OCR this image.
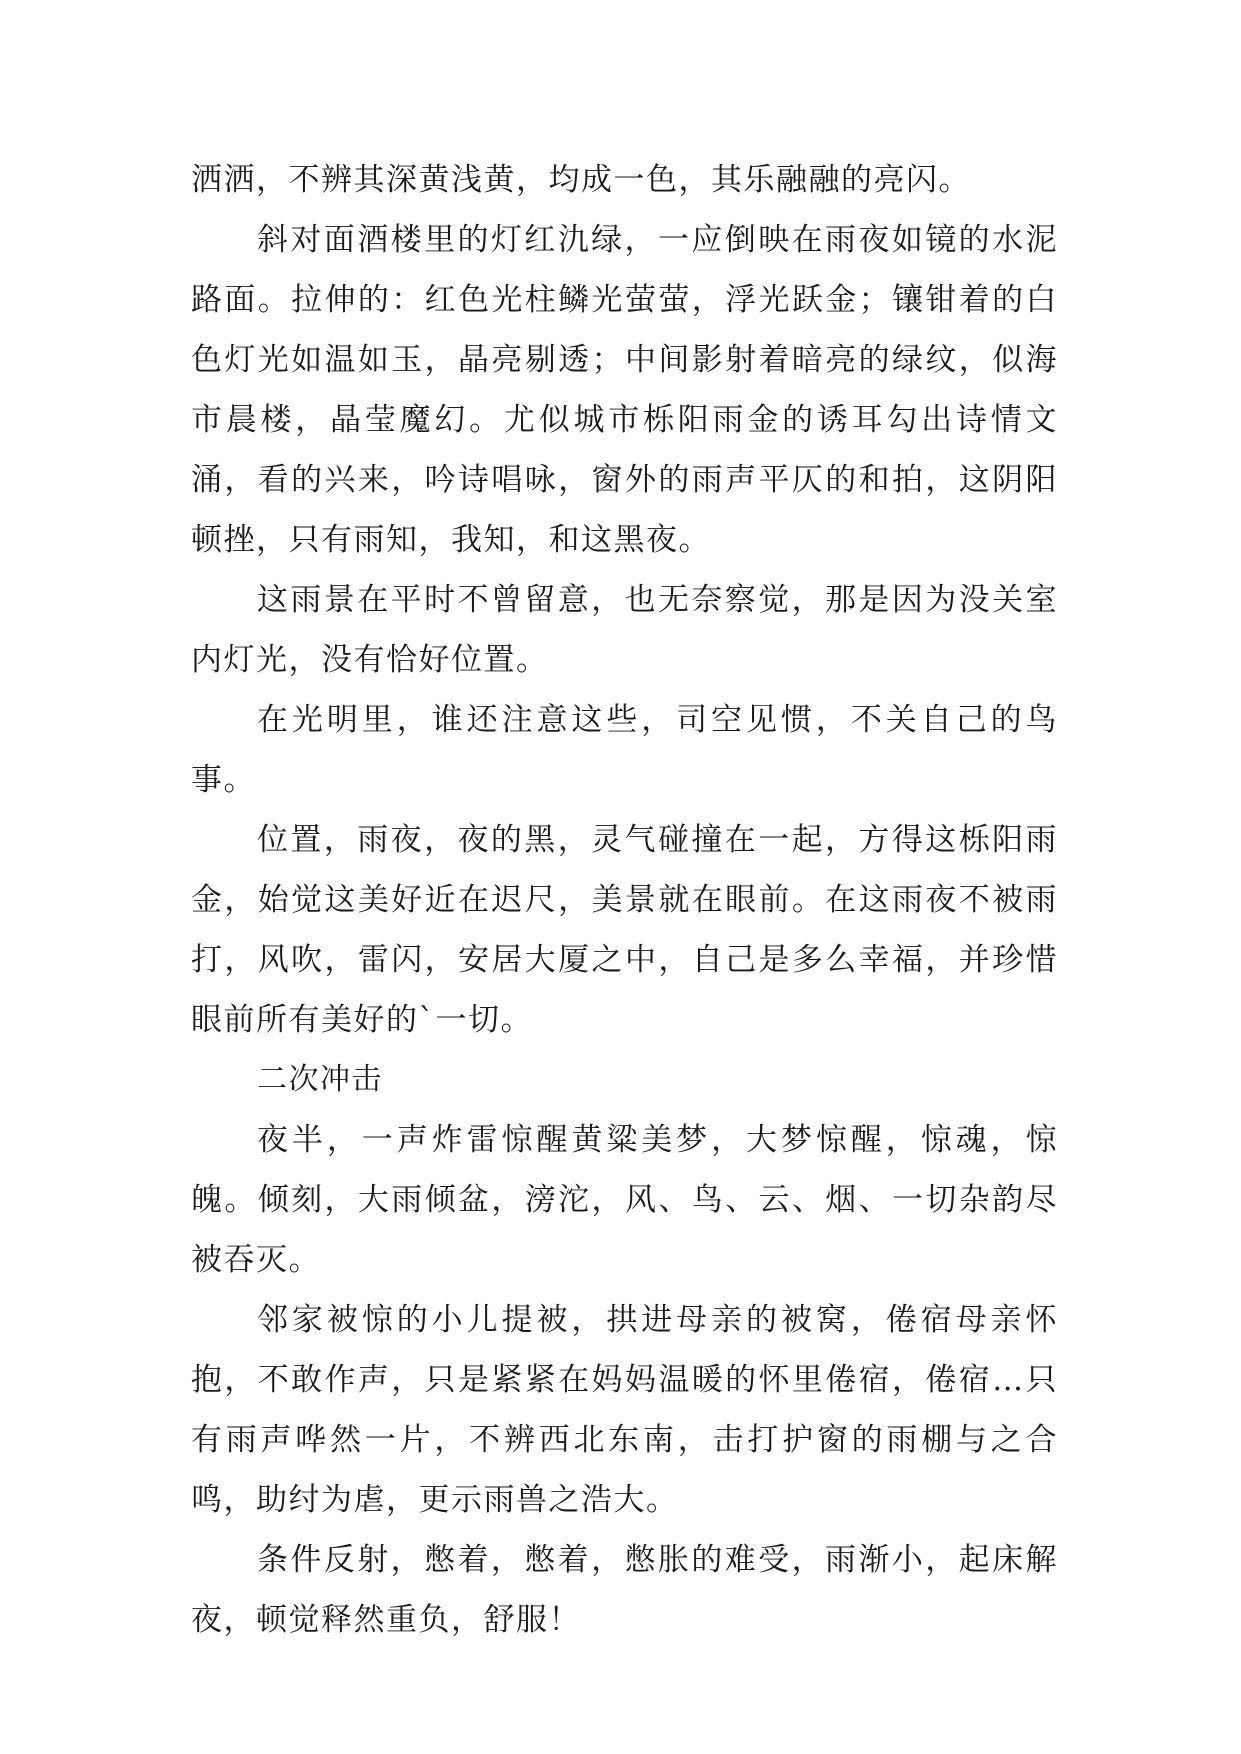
洒洒，不辨其深黄浅黄，均成一色，其乐融融的亮闪。

斜对面酒楼里的灯红氿绿，一应倒映在雨夜如镜的水泥路面。拉伸的：红色光柱鳞光萤萤，浮光跃金；镶钳着的白色灯光如温如玉，晶亮剔透；中间影射着暗亮的绿纹，似海市晨楼，晶莹魔幻。尤似城市栎阳雨金的诱耳勾出诗情文涌，看的兴来，吟诗唱咏，窗外的雨声平仄的和拍，这阴阳顿挫，只有雨知，我知，和这黑夜。

这雨景在平时不曾留意，也无奈察觉，那是因为没关室内灯光，没有恰好位置。

在光明里，谁还注意这些，司空见惯，不关自己的鸟事。

位置，雨夜，夜的黑，灵气碰撞在一起，方得这栎阳雨金，始觉这美好近在迟尺，美景就在眼前。在这雨夜不被雨打，风吹，雷闪，安居大厦之中，自己是多么幸福，并珍惜眼前所有美好的`一切。

二次冲击

夜半，一声炸雷惊醒黄粱美梦，大梦惊醒，惊魂，惊魄。倾刻，大雨倾盆，滂沱，风、鸟、云、烟、一切杂韵尽被吞灭。

邻家被惊的小儿提被，拱进母亲的被窝，倦宿母亲怀抱，不敢作声，只是紧紧在妈妈温暖的怀里倦宿，倦宿…只有雨声哗然一片，不辨西北东南，击打护窗的雨棚与之合鸣，助纣为虐，更示雨兽之浩大。

条件反射，憋着，憋着，憋胀的难受，雨渐小，起床解夜，顿觉释然重负，舒服！
